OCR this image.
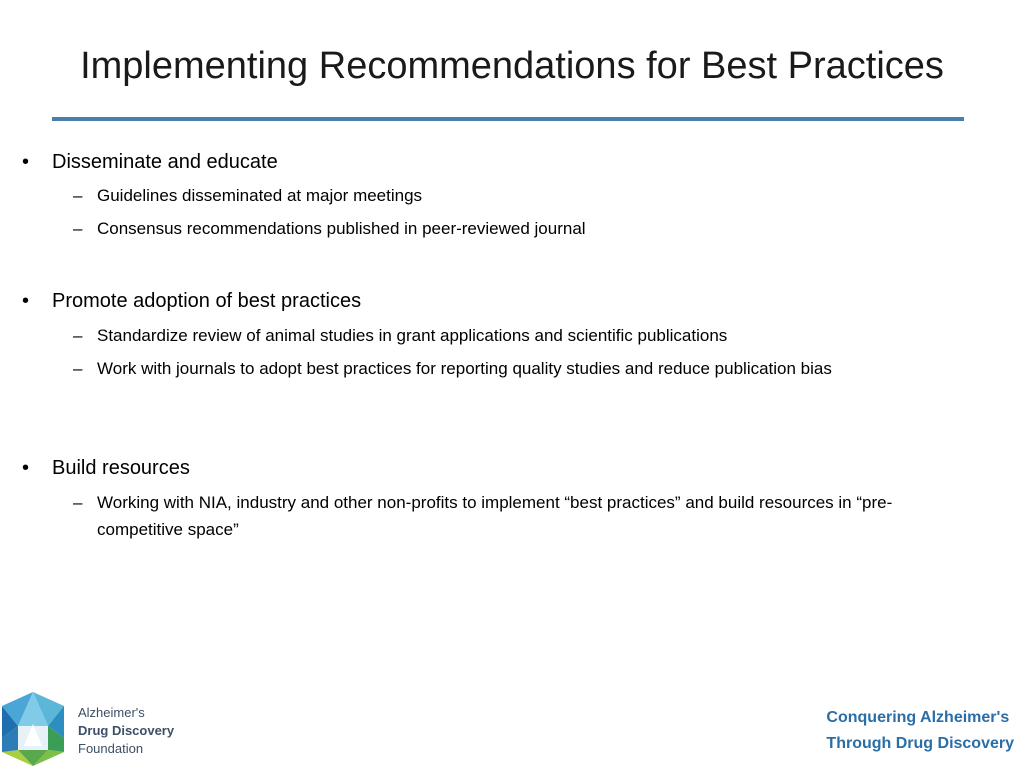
Implementing Recommendations for Best Practices
•	Disseminate and educate
– Guidelines disseminated at major meetings
– Consensus recommendations published in peer-reviewed journal
•	Promote adoption of best practices
– Standardize review of animal studies in grant applications and scientific publications
– Work with journals to adopt best practices for reporting quality studies and reduce publication bias
•	Build resources
– Working with NIA, industry and other non-profits to implement “best practices” and build resources in “pre-competitive space”
Alzheimer's
Drug Discovery
Foundation
Conquering Alzheimer's
Through Drug Discovery
